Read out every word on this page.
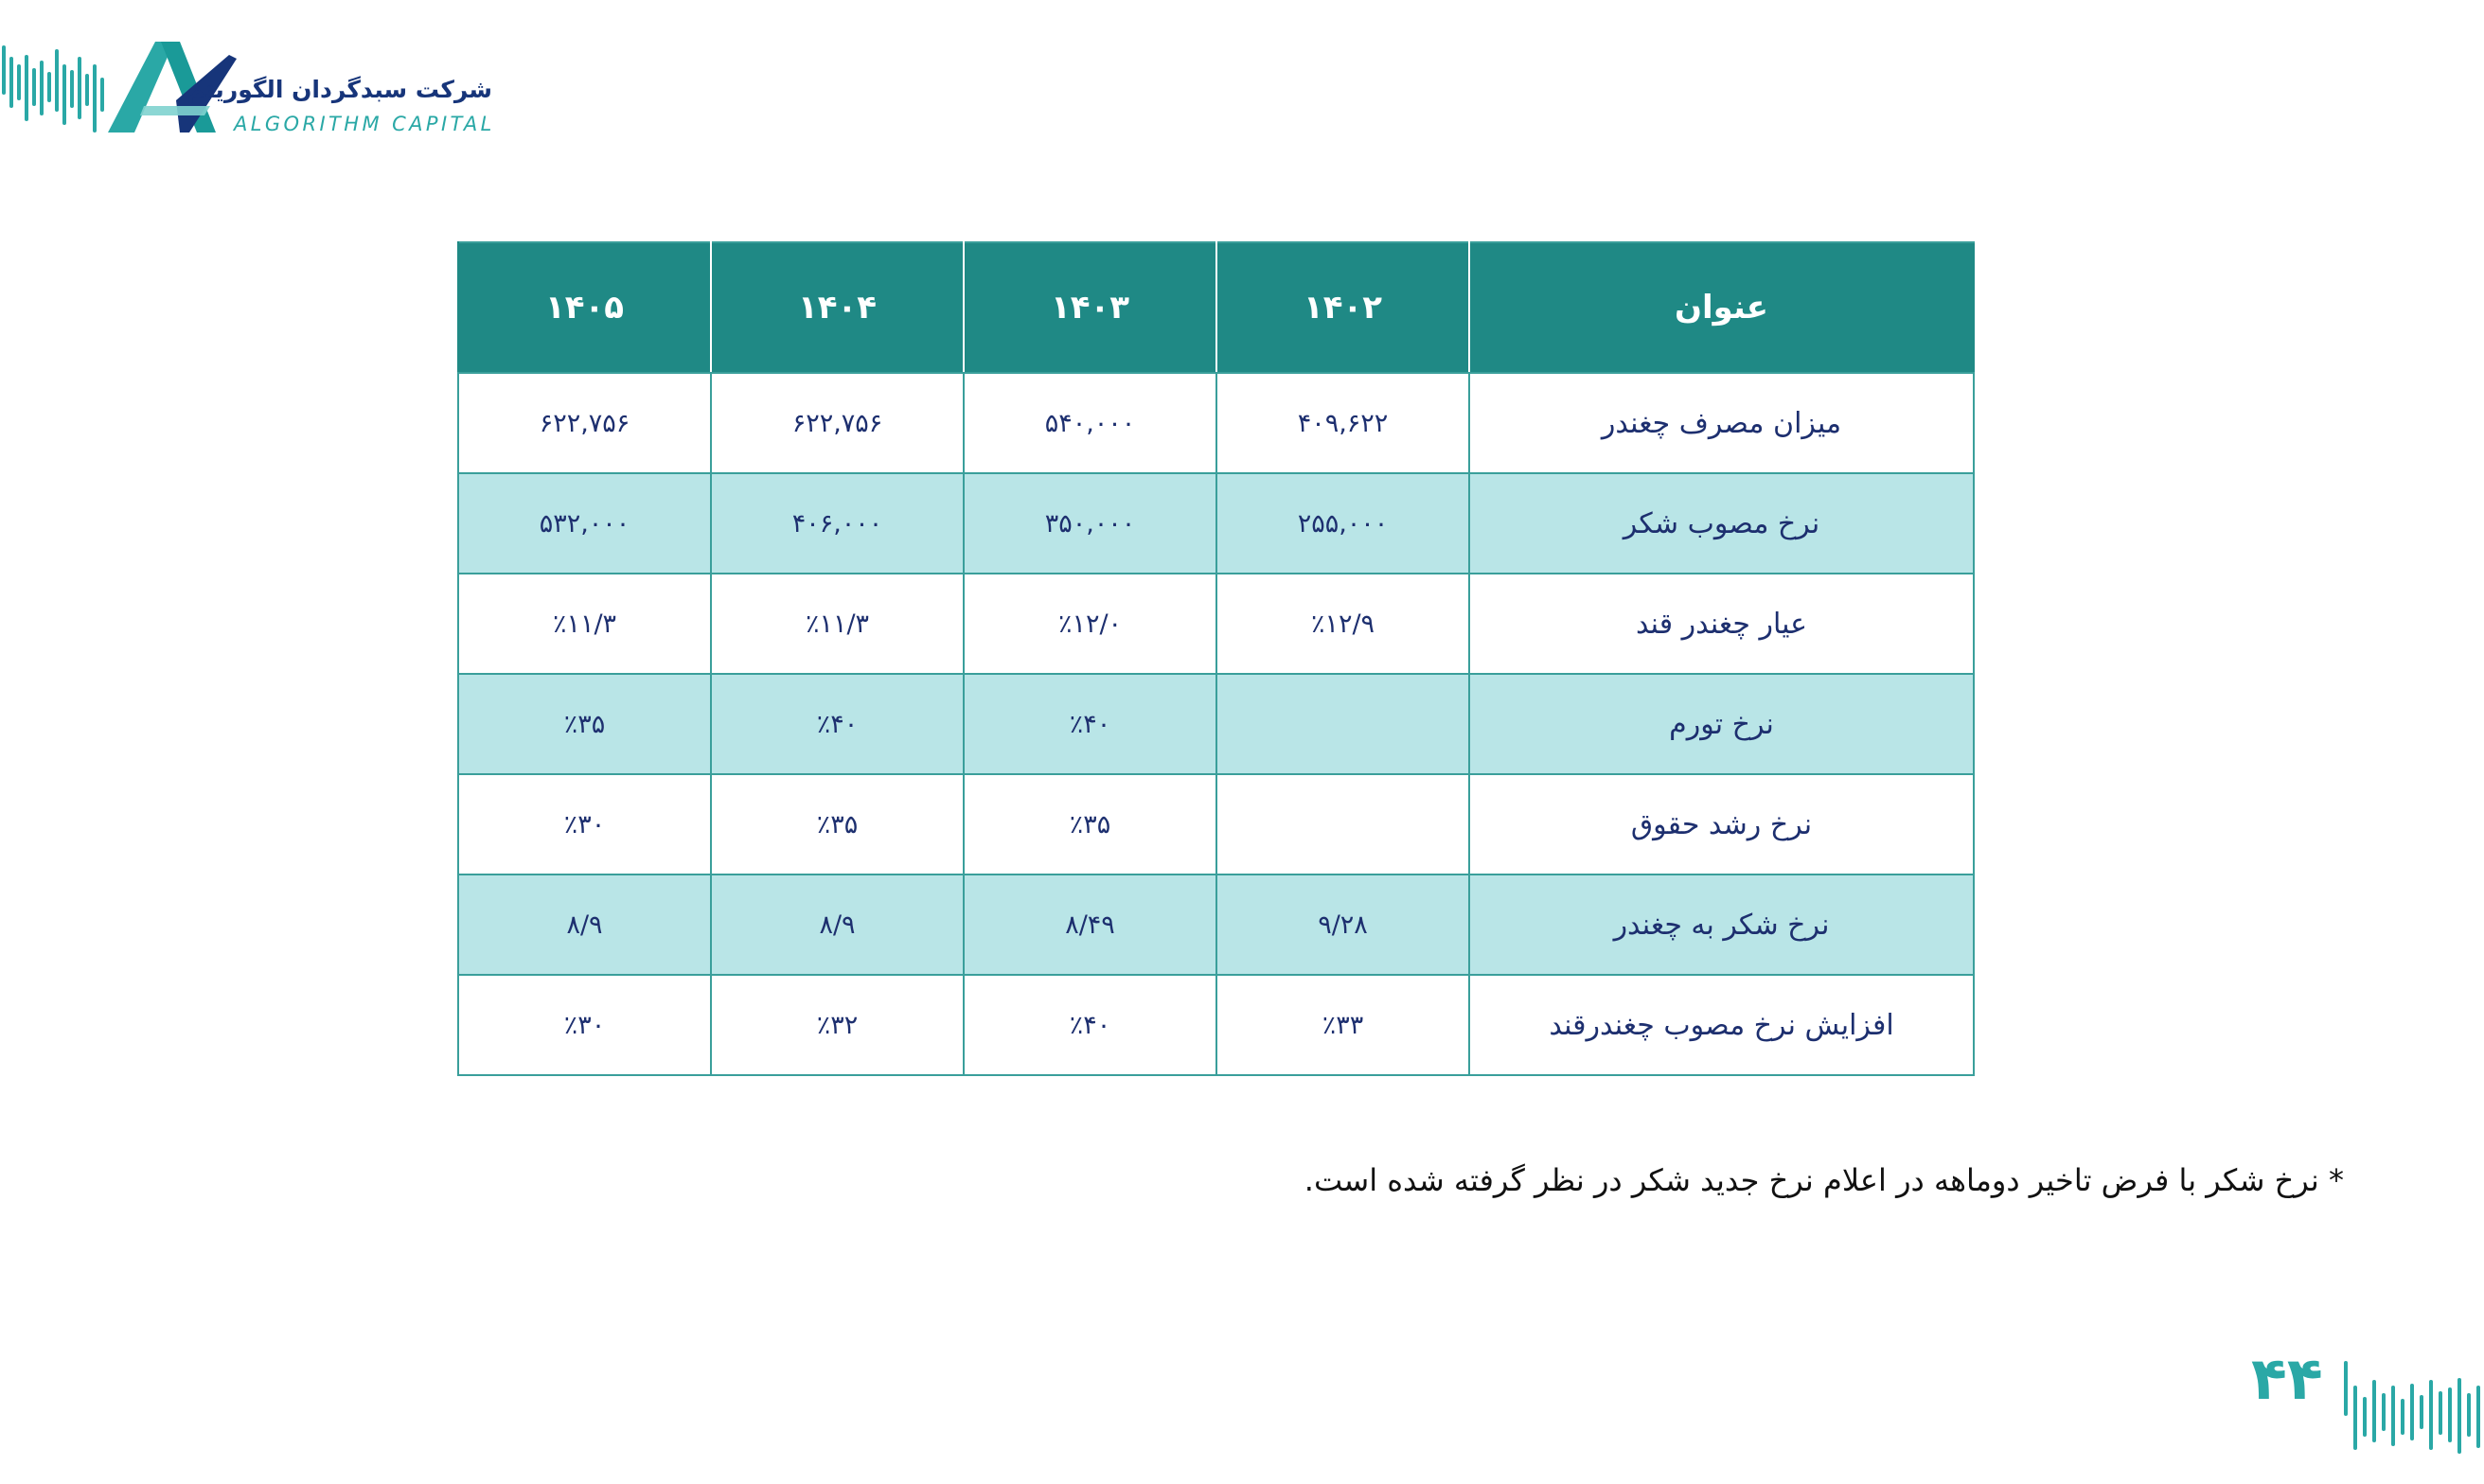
شرکت سبدگردان الگوریتم
ALGORITHM CAPITAL
عنوان	۱۴۰۲	۱۴۰۳	۱۴۰۴	۱۴۰۵
میزان مصرف چغندر	۴۰۹,۶۲۲	۵۴۰,۰۰۰	۶۲۲,۷۵۶	۶۲۲,۷۵۶
نرخ مصوب شکر	۲۵۵,۰۰۰	۳۵۰,۰۰۰	۴۰۶,۰۰۰	۵۳۲,۰۰۰
عیار چغندر قند	٪۱۲/۹	٪۱۲/۰	٪۱۱/۳	٪۱۱/۳
نرخ تورم		٪۴۰	٪۴۰	٪۳۵
نرخ رشد حقوق		٪۳۵	٪۳۵	٪۳۰
نرخ شکر به چغندر	۹/۲۸	۸/۴۹	۸/۹	۸/۹
افزایش نرخ مصوب چغندرقند	٪۳۳	٪۴۰	٪۳۲	٪۳۰
* نرخ شکر با فرض تاخیر دوماهه در اعلام نرخ جدید شکر در نظر گرفته شده است.
۴۴
